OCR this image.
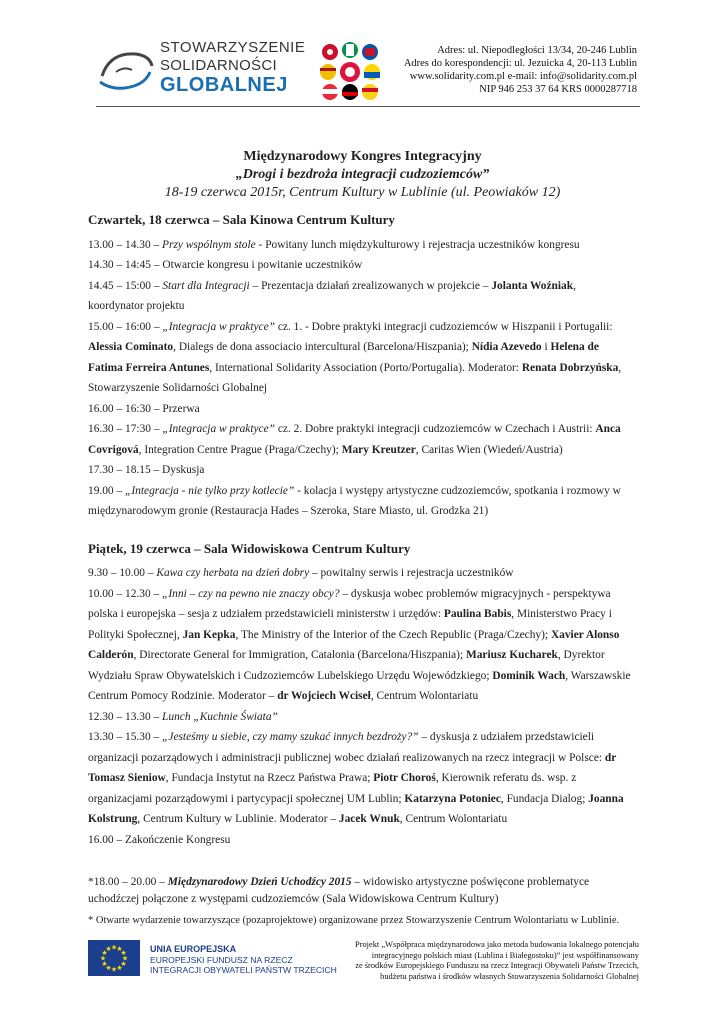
STOWARZYSZENIE
SOLIDARNOŚCI
GLOBALNEJ
Adres: ul. Niepodległości 13/34, 20-246 Lublin
Adres do korespondencji: ul. Jezuicka 4, 20-113 Lublin
www.solidarity.com.pl e-mail: info@solidarity.com.pl
NIP 946 253 37 64 KRS 0000287718
Międzynarodowy Kongres Integracyjny
„Drogi i bezdroża integracji cudzoziemców”
18-19 czerwca 2015r, Centrum Kultury w Lublinie (ul. Peowiaków 12)
Czwartek, 18 czerwca – Sala Kinowa Centrum Kultury

13.00 – 14.30 – Przy wspólnym stole - Powitany lunch międzykulturowy i rejestracja uczestników kongresu

14.30 – 14:45 – Otwarcie kongresu i powitanie uczestników

14.45 – 15:00 – Start dla Integracji – Prezentacja działań zrealizowanych w projekcie – Jolanta Woźniak, koordynator projektu

15.00 – 16:00 – „Integracja w praktyce” cz. 1. - Dobre praktyki integracji cudzoziemców w Hiszpanii i Portugalii: Alessia Cominato, Dialegs de dona associacio intercultural (Barcelona/Hiszpania); Nídia Azevedo i Helena de Fatima Ferreira Antunes, International Solidarity Association (Porto/Portugalia). Moderator: Renata Dobrzyńska, Stowarzyszenie Solidarności Globalnej

16.00 – 16:30 – Przerwa

16.30 – 17:30 – „Integracja w praktyce” cz. 2. Dobre praktyki integracji cudzoziemców w Czechach i Austrii: Anca Covrigová, Integration Centre Prague (Praga/Czechy); Mary Kreutzer, Caritas Wien (Wiedeń/Austria)

17.30 – 18.15 – Dyskusja

19.00 – „Integracja - nie tylko przy kotlecie” - kolacja i występy artystyczne cudzoziemców, spotkania i rozmowy w międzynarodowym gronie (Restauracja Hades – Szeroka, Stare Miasto, ul. Grodzka 21)

Piątek, 19 czerwca – Sala Widowiskowa Centrum Kultury

9.30 – 10.00 – Kawa czy herbata na dzień dobry – powitalny serwis i rejestracja uczestników

10.00 – 12.30 – „Inni – czy na pewno nie znaczy obcy? – dyskusja wobec problemów migracyjnych - perspektywa polska i europejska – sesja z udziałem przedstawicieli ministerstw i urzędów: Paulina Babis, Ministerstwo Pracy i Polityki Społecznej, Jan Kepka, The Ministry of the Interior of the Czech Republic (Praga/Czechy); Xavier Alonso Calderón, Directorate General for Immigration, Catalonia (Barcelona/Hiszpania); Mariusz Kucharek, Dyrektor Wydziału Spraw Obywatelskich i Cudzoziemców Lubelskiego Urzędu Wojewódzkiego; Dominik Wach, Warszawskie Centrum Pomocy Rodzinie. Moderator – dr Wojciech Wciseł, Centrum Wolontariatu

12.30 – 13.30 – Lunch „Kuchnie Świata”

13.30 – 15.30 – „Jesteśmy u siebie, czy mamy szukać innych bezdroży?” – dyskusja z udziałem przedstawicieli organizacji pozarządowych i administracji publicznej wobec działań realizowanych na rzecz integracji w Polsce: dr Tomasz Sieniow, Fundacja Instytut na Rzecz Państwa Prawa; Piotr Choroś, Kierownik referatu ds. wsp. z organizacjami pozarządowymi i partycypacji społecznej UM Lublin; Katarzyna Potoniec, Fundacja Dialog; Joanna Kolstrung, Centrum Kultury w Lublinie. Moderator – Jacek Wnuk, Centrum Wolontariatu

16.00 – Zakończenie Kongresu

*18.00 – 20.00 – Międzynarodowy Dzień Uchodźcy 2015 – widowisko artystyczne poświęcone problematyce uchodźczej połączone z występami cudzoziemców (Sala Widowiskowa Centrum Kultury)
* Otwarte wydarzenie towarzyszące (pozaprojektowe) organizowane przez Stowarzyszenie Centrum Wolontariatu w Lublinie.
★
★
★
★
★
★
★
★
★ ★ ★
★	UNIA EUROPEJSKA
EUROPEJSKI FUNDUSZ NA RZECZ
INTEGRACJI OBYWATELI PAŃSTW TRZECICH
Projekt „Współpraca międzynarodowa jako metoda budowania lokalnego potencjału
integracyjnego polskich miast (Lublina i Białegostoku)” jest współfinansowany
ze środków Europejskiego Funduszu na rzecz Integracji Obywateli Państw Trzecich,
budżetu państwa i środków własnych Stowarzyszenia Solidarności Globalnej
